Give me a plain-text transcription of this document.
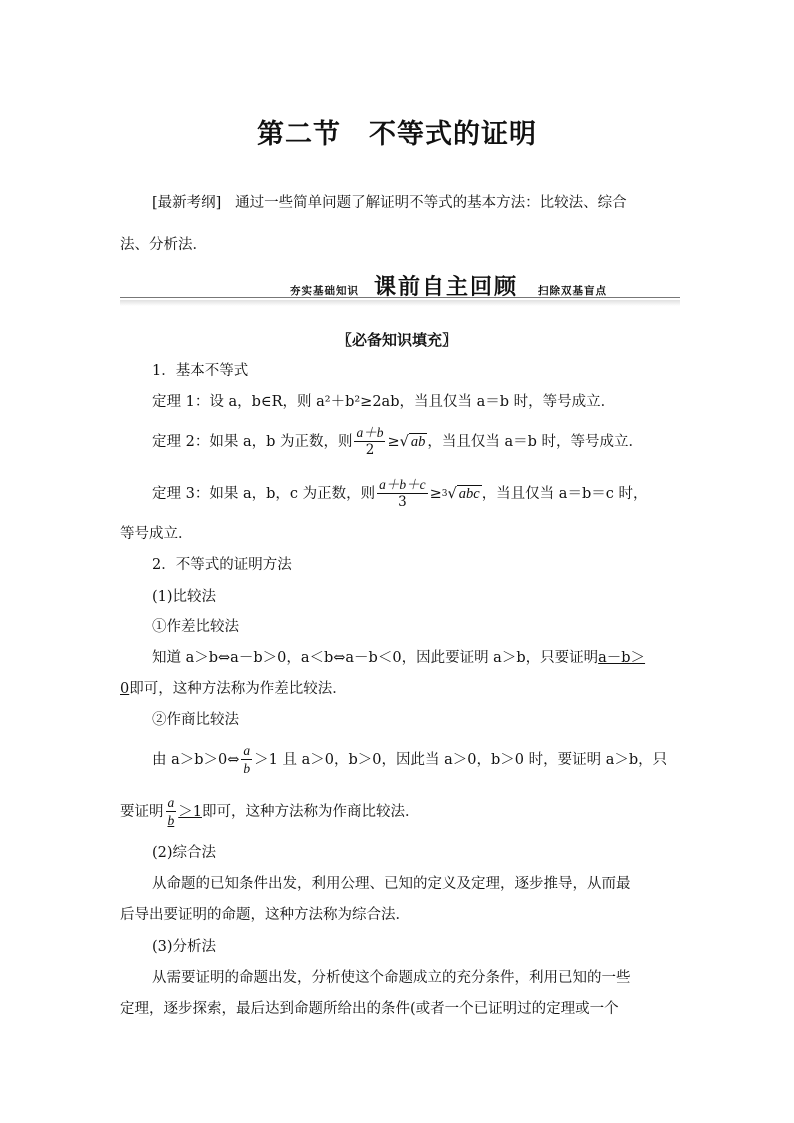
第二节　不等式的证明
[最新考纲] 通过一些简单问题了解证明不等式的基本方法：比较法、综合
法、分析法．
夯实基础知识 课前自主回顾 扫除双基盲点
〖必备知识填充〗
1．基本不等式
定理 1：设 a，b∈R，则 a²＋b²≥2ab，当且仅当 a＝b 时，等号成立．
定理 2：如果 a，b 为正数，则 $\frac{a+b}{2}$ ≥ √ ab ，当且仅当 a＝b 时，等号成立．
定理 3：如果 a，b，c 为正数，则 $\frac{a+b+c}{3} \ge 3$ √ abc ，当且仅当 a＝b＝c 时，
等号成立．
2．不等式的证明方法
(1)比较法
①作差比较法
知道 a＞b⇔a－b＞0，a＜b⇔a－b＜0，因此要证明 a＞b，只要证明a－b＞
0即可，这种方法称为作差比较法．
②作商比较法
由 a＞b＞0⇔ $\frac{a}{b} >1$ 且 a＞0，b＞0，因此当 a＞0，b＞0 时，要证明 a＞b，只
要证明 $\frac{a}{b} >1$ 即可，这种方法称为作商比较法．
(2)综合法
从命题的已知条件出发，利用公理、已知的定义及定理，逐步推导，从而最
后导出要证明的命题，这种方法称为综合法．
(3)分析法
从需要证明的命题出发，分析使这个命题成立的充分条件，利用已知的一些
定理，逐步探索，最后达到命题所给出的条件(或者一个已证明过的定理或一个
